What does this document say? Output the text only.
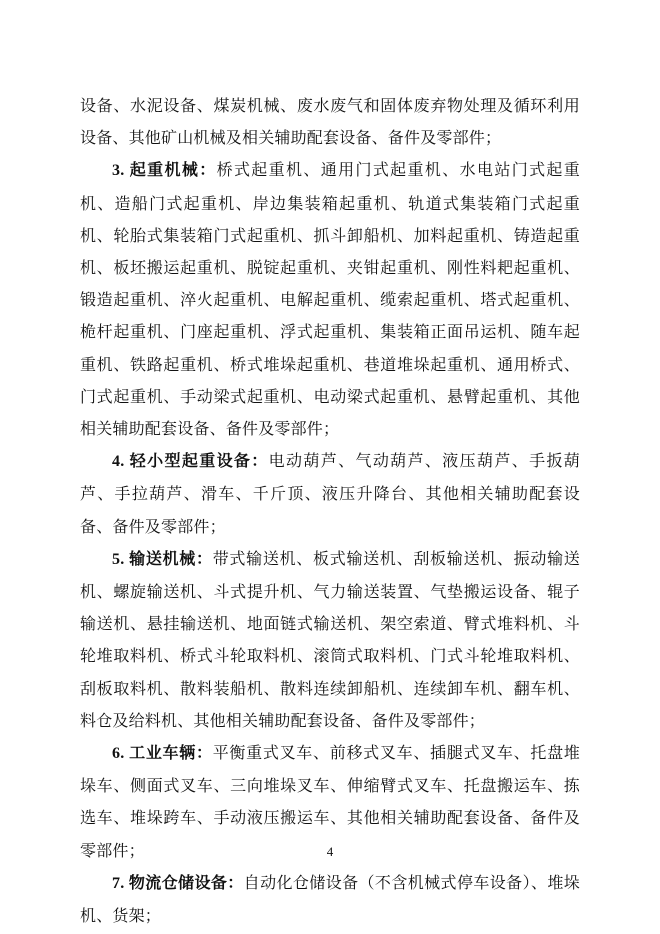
设备、水泥设备、煤炭机械、废水废气和固体废弃物处理及循环利用设备、其他矿山机械及相关辅助配套设备、备件及零部件；

3. 起重机械：桥式起重机、通用门式起重机、水电站门式起重机、造船门式起重机、岸边集装箱起重机、轨道式集装箱门式起重机、轮胎式集装箱门式起重机、抓斗卸船机、加料起重机、铸造起重机、板坯搬运起重机、脱锭起重机、夹钳起重机、刚性料耙起重机、锻造起重机、淬火起重机、电解起重机、缆索起重机、塔式起重机、桅杆起重机、门座起重机、浮式起重机、集装箱正面吊运机、随车起重机、铁路起重机、桥式堆垛起重机、巷道堆垛起重机、通用桥式、门式起重机、手动梁式起重机、电动梁式起重机、悬臂起重机、其他相关辅助配套设备、备件及零部件；

4. 轻小型起重设备：电动葫芦、气动葫芦、液压葫芦、手扳葫芦、手拉葫芦、滑车、千斤顶、液压升降台、其他相关辅助配套设备、备件及零部件；

5. 输送机械：带式输送机、板式输送机、刮板输送机、振动输送机、螺旋输送机、斗式提升机、气力输送装置、气垫搬运设备、辊子输送机、悬挂输送机、地面链式输送机、架空索道、臂式堆料机、斗轮堆取料机、桥式斗轮取料机、滚筒式取料机、门式斗轮堆取料机、刮板取料机、散料装船机、散料连续卸船机、连续卸车机、翻车机、料仓及给料机、其他相关辅助配套设备、备件及零部件；

6. 工业车辆：平衡重式叉车、前移式叉车、插腿式叉车、托盘堆垛车、侧面式叉车、三向堆垛叉车、伸缩臂式叉车、托盘搬运车、拣选车、堆垛跨车、手动液压搬运车、其他相关辅助配套设备、备件及零部件；

7. 物流仓储设备：自动化仓储设备（不含机械式停车设备）、堆垛机、货架；

4
